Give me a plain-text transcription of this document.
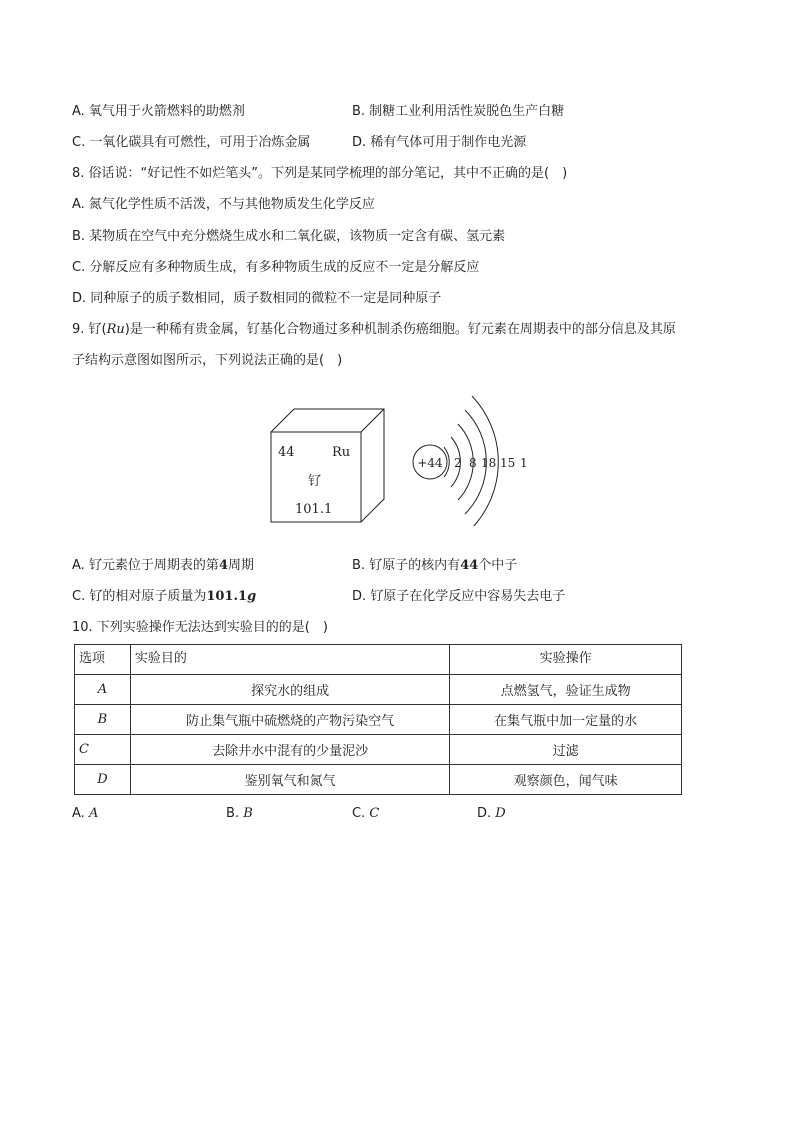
A. 氧气用于火箭燃料的助燃剂	B. 制糖工业利用活性炭脱色生产白糖
C. 一氧化碳具有可燃性，可用于冶炼金属	D. 稀有气体可用于制作电光源
8. 俗话说：“好记性不如烂笔头”。下列是某同学梳理的部分笔记，其中不正确的是(　)
A. 氮气化学性质不活泼，不与其他物质发生化学反应
B. 某物质在空气中充分燃烧生成水和二氧化碳，该物质一定含有碳、氢元素
C. 分解反应有多种物质生成，有多种物质生成的反应不一定是分解反应
D. 同种原子的质子数相同，质子数相同的微粒不一定是同种原子
9. 钌(Ru)是一种稀有贵金属，钌基化合物通过多种机制杀伤癌细胞。钌元素在周期表中的部分信息及其原
子结构示意图如图所示，下列说法正确的是(　)
44	Ru
钌
101.1
+44 2 8 18 15 1
A. 钌元素位于周期表的第4周期	B. 钌原子的核内有44个中子
C. 钌的相对原子质量为101.1g	D. 钌原子在化学反应中容易失去电子
10. 下列实验操作无法达到实验目的的是(　)
选项	实验目的	实验操作
A	探究水的组成	点燃氢气，验证生成物
B	防止集气瓶中硫燃烧的产物污染空气	在集气瓶中加一定量的水
C	去除井水中混有的少量泥沙	过滤
D	鉴别氧气和氮气	观察颜色，闻气味
A. A	B. B	C. C	D. D
